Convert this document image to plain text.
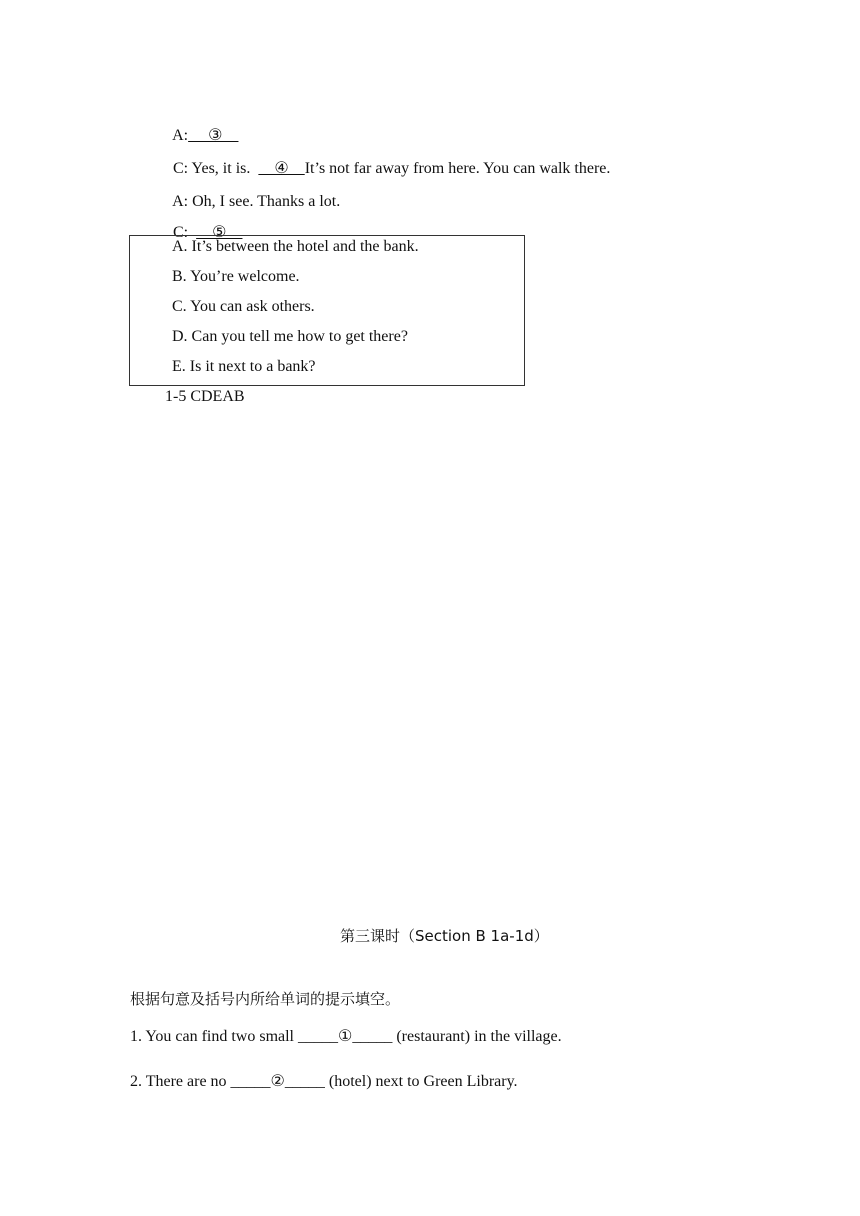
A:     ③

C: Yes, it is.      ④    It’s not far away from here. You can walk there.

A: Oh, I see. Thanks a lot.

C:      ⑤

A. It’s between the hotel and the bank.
B. You’re welcome.
C. You can ask others.
D. Can you tell me how to get there?
E. Is it next to a bank?
1-5 CDEAB
第三课时（Section B 1a-1d）
根据句意及括号内所给单词的提示填空。
1. You can find two small _____①_____ (restaurant) in the village.
2. There are no _____②_____ (hotel) next to Green Library.
